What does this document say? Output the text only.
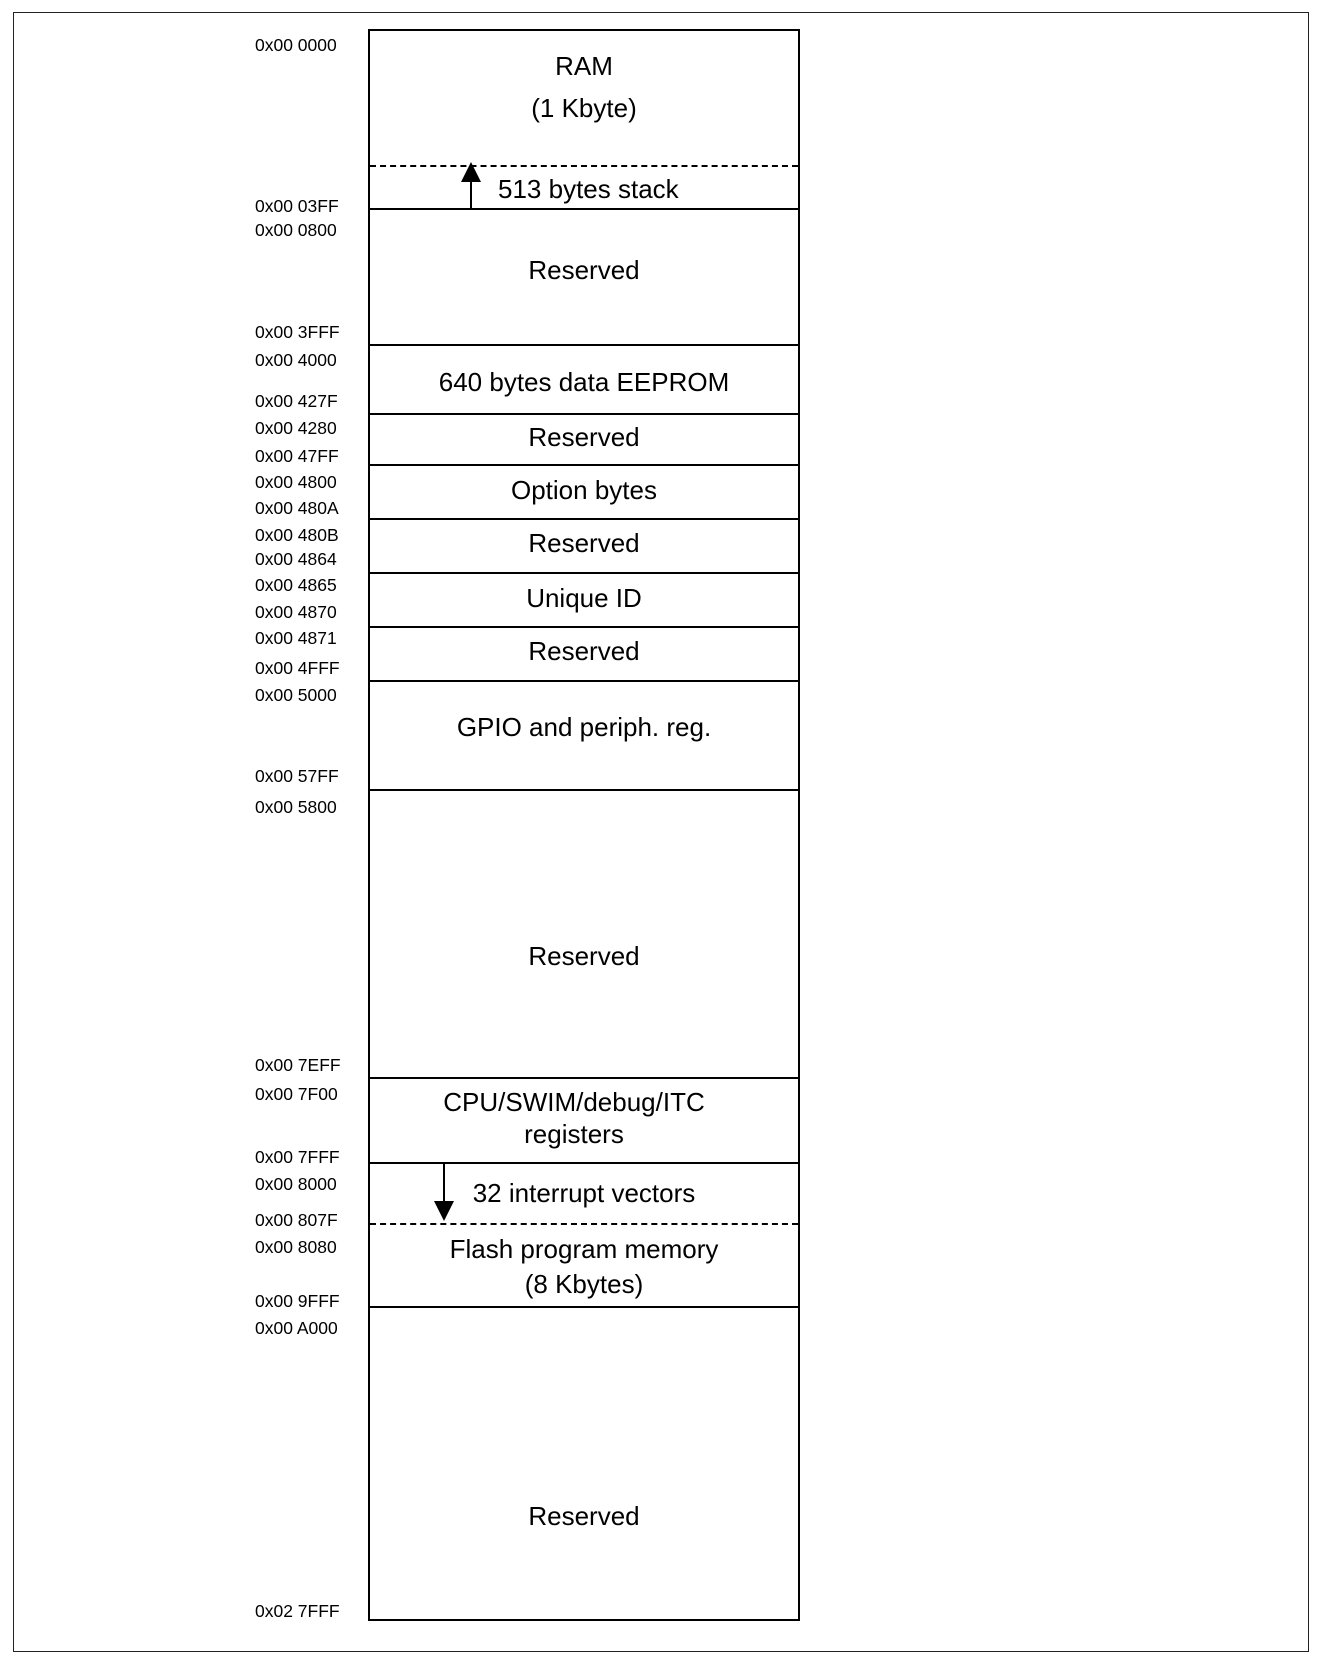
RAM
(1 Kbyte)
513 bytes stack
Reserved
640 bytes data EEPROM
Reserved
Option bytes
Reserved
Unique ID
Reserved
GPIO and periph. reg.
Reserved
CPU/SWIM/debug/ITC
registers
32 interrupt vectors
Flash program memory
(8 Kbytes)
Reserved
0x00 0000
0x00 03FF
0x00 0800
0x00 3FFF
0x00 4000
0x00 427F
0x00 4280
0x00 47FF
0x00 4800
0x00 480A
0x00 480B
0x00 4864
0x00 4865
0x00 4870
0x00 4871
0x00 4FFF
0x00 5000
0x00 57FF
0x00 5800
0x00 7EFF
0x00 7F00
0x00 7FFF
0x00 8000
0x00 807F
0x00 8080
0x00 9FFF
0x00 A000
0x02 7FFF
